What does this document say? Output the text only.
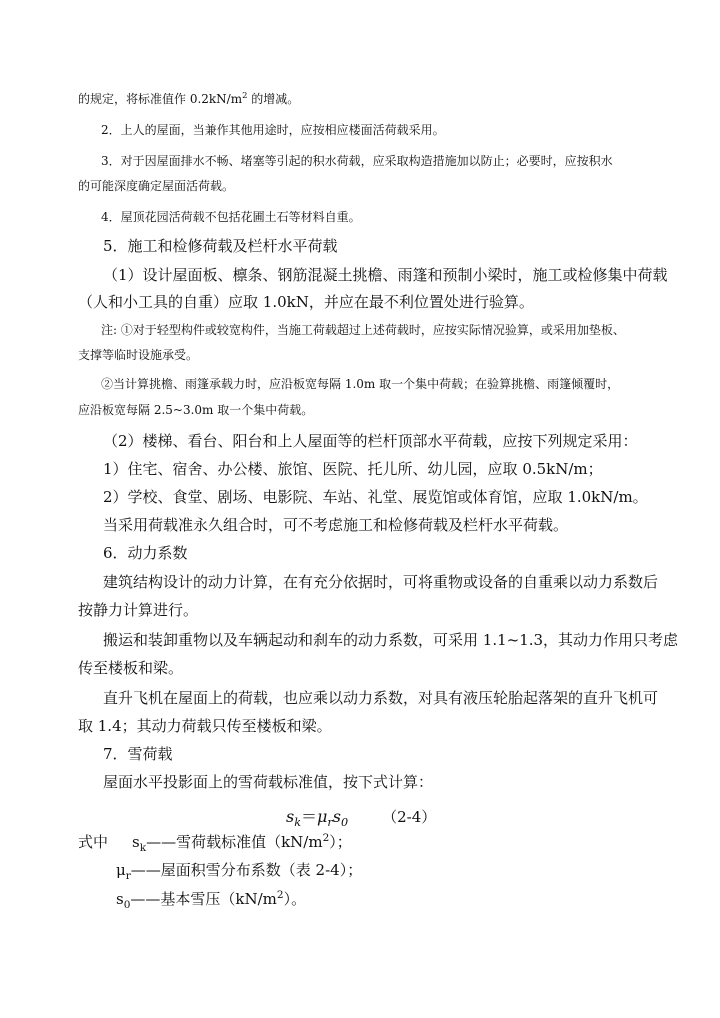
的规定，将标准值作 $0.2kN/m^2$ 的增减。

2．上人的屋面，当兼作其他用途时，应按相应楼面活荷载采用。

3．对于因屋面排水不畅、堵塞等引起的积水荷载，应采取构造措施加以防止；必要时，应按积水

的可能深度确定屋面活荷载。

4．屋顶花园活荷载不包括花圃土石等材料自重。

5．施工和检修荷载及栏杆水平荷载

（1）设计屋面板、檩条、钢筋混凝土挑檐、雨篷和预制小梁时，施工或检修集中荷载

（人和小工具的自重）应取 1.0kN，并应在最不利位置处进行验算。

注: ①对于轻型构件或较宽构件，当施工荷载超过上述荷载时，应按实际情况验算，或采用加垫板、

支撑等临时设施承受。

②当计算挑檐、雨篷承载力时，应沿板宽每隔 1.0m 取一个集中荷载；在验算挑檐、雨篷倾覆时，

应沿板宽每隔 2.5~3.0m 取一个集中荷载。

（2）楼梯、看台、阳台和上人屋面等的栏杆顶部水平荷载，应按下列规定采用：

1）住宅、宿舍、办公楼、旅馆、医院、托儿所、幼儿园，应取 0.5kN/m；

2）学校、食堂、剧场、电影院、车站、礼堂、展览馆或体育馆，应取 1.0kN/m。

当采用荷载准永久组合时，可不考虑施工和检修荷载及栏杆水平荷载。

6．动力系数

建筑结构设计的动力计算，在有充分依据时，可将重物或设备的自重乘以动力系数后

按静力计算进行。

搬运和装卸重物以及车辆起动和刹车的动力系数，可采用 1.1~1.3，其动力作用只考虑

传至楼板和梁。

直升飞机在屋面上的荷载，也应乘以动力系数，对具有液压轮胎起落架的直升飞机可

取 1.4；其动力荷载只传至楼板和梁。

7．雪荷载

屋面水平投影面上的雪荷载标准值，按下式计算：

$s_k=\mu_rs_0$ （2-4）

式中 $s_k——$雪荷载标准值$(kN/m^2)$；

$\mu_r——$屋面积雪分布系数（表 2-4）；

$s_0——$基本雪压$(kN/m^2)$。
